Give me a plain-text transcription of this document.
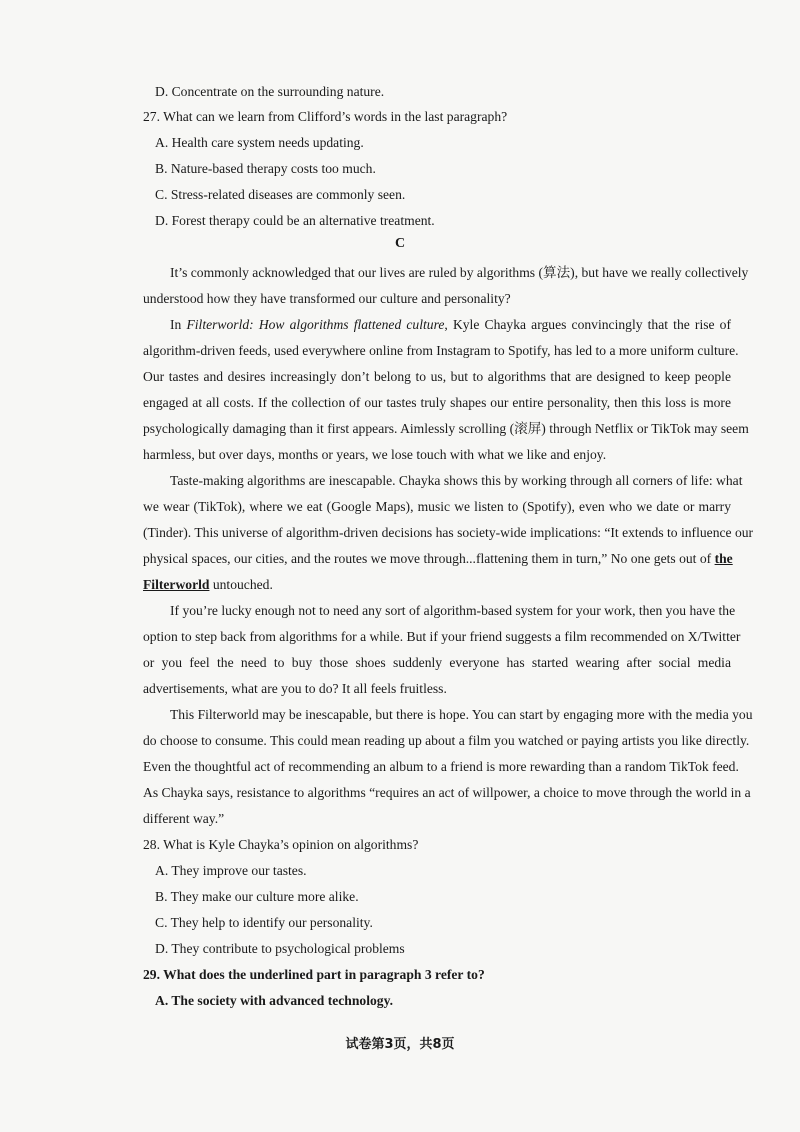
D. Concentrate on the surrounding nature.
27. What can we learn from Clifford’s words in the last paragraph?
A. Health care system needs updating.
B. Nature-based therapy costs too much.
C. Stress-related diseases are commonly seen.
D. Forest therapy could be an alternative treatment.
C
It’s commonly acknowledged that our lives are ruled by algorithms (算法), but have we really collectively
understood how they have transformed our culture and personality?
In Filterworld: How algorithms flattened culture, Kyle Chayka argues convincingly that the rise of
algorithm-driven feeds, used everywhere online from Instagram to Spotify, has led to a more uniform culture.
Our tastes and desires increasingly don’t belong to us, but to algorithms that are designed to keep people
engaged at all costs. If the collection of our tastes truly shapes our entire personality, then this loss is more
psychologically damaging than it first appears. Aimlessly scrolling (滚屏) through Netflix or TikTok may seem
harmless, but over days, months or years, we lose touch with what we like and enjoy.
Taste-making algorithms are inescapable. Chayka shows this by working through all corners of life: what
we wear (TikTok), where we eat (Google Maps), music we listen to (Spotify), even who we date or marry
(Tinder). This universe of algorithm-driven decisions has society-wide implications: “It extends to influence our
physical spaces, our cities, and the routes we move through...flattening them in turn,” No one gets out of the
Filterworld untouched.
If you’re lucky enough not to need any sort of algorithm-based system for your work, then you have the
option to step back from algorithms for a while. But if your friend suggests a film recommended on X/Twitter
or you feel the need to buy those shoes suddenly everyone has started wearing after social media
advertisements, what are you to do? It all feels fruitless.
This Filterworld may be inescapable, but there is hope. You can start by engaging more with the media you
do choose to consume. This could mean reading up about a film you watched or paying artists you like directly.
Even the thoughtful act of recommending an album to a friend is more rewarding than a random TikTok feed.
As Chayka says, resistance to algorithms “requires an act of willpower, a choice to move through the world in a
different way.”
28. What is Kyle Chayka’s opinion on algorithms?
A. They improve our tastes.
B. They make our culture more alike.
C. They help to identify our personality.
D. They contribute to psychological problems
29. What does the underlined part in paragraph 3 refer to?
A. The society with advanced technology.
试卷第3页，共8页
